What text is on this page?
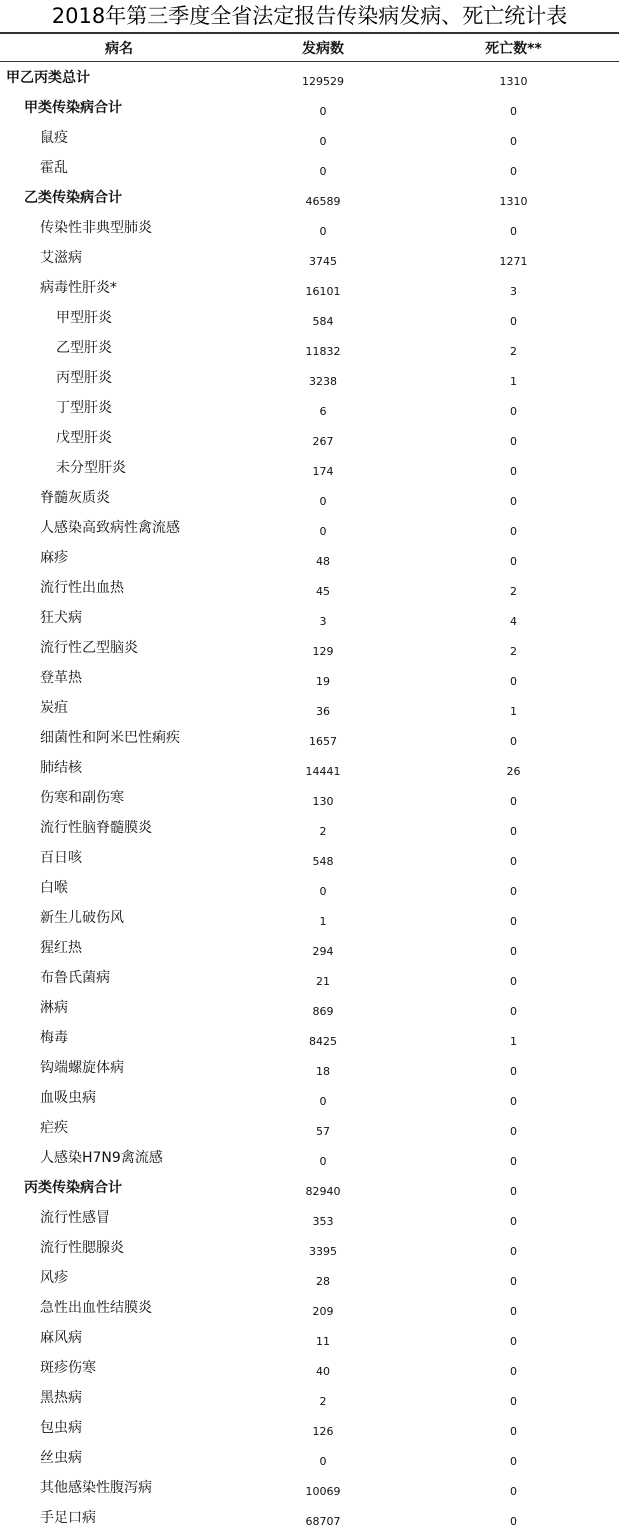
2018年第三季度全省法定报告传染病发病、死亡统计表
病名	发病数	死亡数**
甲乙丙类总计	129529	1310
甲类传染病合计	0	0
鼠疫	0	0
霍乱	0	0
乙类传染病合计	46589	1310
传染性非典型肺炎	0	0
艾滋病	3745	1271
病毒性肝炎*	16101	3
甲型肝炎	584	0
乙型肝炎	11832	2
丙型肝炎	3238	1
丁型肝炎	6	0
戊型肝炎	267	0
未分型肝炎	174	0
脊髓灰质炎	0	0
人感染高致病性禽流感	0	0
麻疹	48	0
流行性出血热	45	2
狂犬病	3	4
流行性乙型脑炎	129	2
登革热	19	0
炭疽	36	1
细菌性和阿米巴性痢疾	1657	0
肺结核	14441	26
伤寒和副伤寒	130	0
流行性脑脊髓膜炎	2	0
百日咳	548	0
白喉	0	0
新生儿破伤风	1	0
猩红热	294	0
布鲁氏菌病	21	0
淋病	869	0
梅毒	8425	1
钩端螺旋体病	18	0
血吸虫病	0	0
疟疾	57	0
人感染H7N9禽流感	0	0
丙类传染病合计	82940	0
流行性感冒	353	0
流行性腮腺炎	3395	0
风疹	28	0
急性出血性结膜炎	209	0
麻风病	11	0
斑疹伤寒	40	0
黑热病	2	0
包虫病	126	0
丝虫病	0	0
其他感染性腹泻病	10069	0
手足口病	68707	0
